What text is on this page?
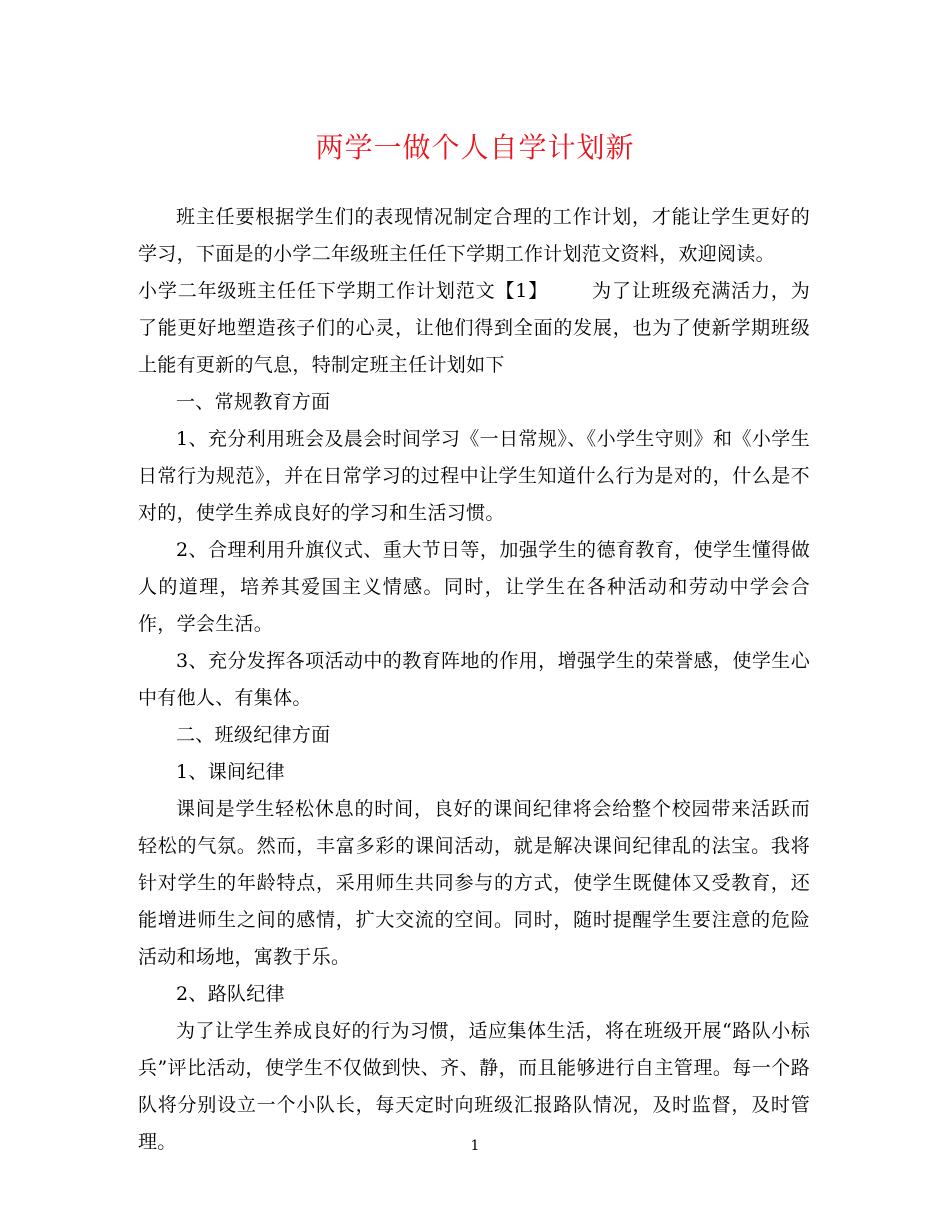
两学一做个人自学计划新

班主任要根据学生们的表现情况制定合理的工作计划，才能让学生更好的学习，下面是的小学二年级班主任任下学期工作计划范文资料，欢迎阅读。

小学二年级班主任任下学期工作计划范文【1】 为了让班级充满活力，为了能更好地塑造孩子们的心灵，让他们得到全面的发展，也为了使新学期班级上能有更新的气息，特制定班主任计划如下

一、常规教育方面

1、充分利用班会及晨会时间学习《一日常规》、《小学生守则》和《小学生日常行为规范》，并在日常学习的过程中让学生知道什么行为是对的，什么是不对的，使学生养成良好的学习和生活习惯。

2、合理利用升旗仪式、重大节日等，加强学生的德育教育，使学生懂得做人的道理，培养其爱国主义情感。同时，让学生在各种活动和劳动中学会合作，学会生活。

3、充分发挥各项活动中的教育阵地的作用，增强学生的荣誉感，使学生心中有他人、有集体。

二、班级纪律方面

1、课间纪律

课间是学生轻松休息的时间，良好的课间纪律将会给整个校园带来活跃而轻松的气氛。然而，丰富多彩的课间活动，就是解决课间纪律乱的法宝。我将针对学生的年龄特点，采用师生共同参与的方式，使学生既健体又受教育，还能增进师生之间的感情，扩大交流的空间。同时，随时提醒学生要注意的危险活动和场地，寓教于乐。

2、路队纪律

为了让学生养成良好的行为习惯，适应集体生活，将在班级开展“路队小标兵”评比活动，使学生不仅做到快、齐、静，而且能够进行自主管理。每一个路队将分别设立一个小队长，每天定时向班级汇报路队情况，及时监督，及时管理。	1
